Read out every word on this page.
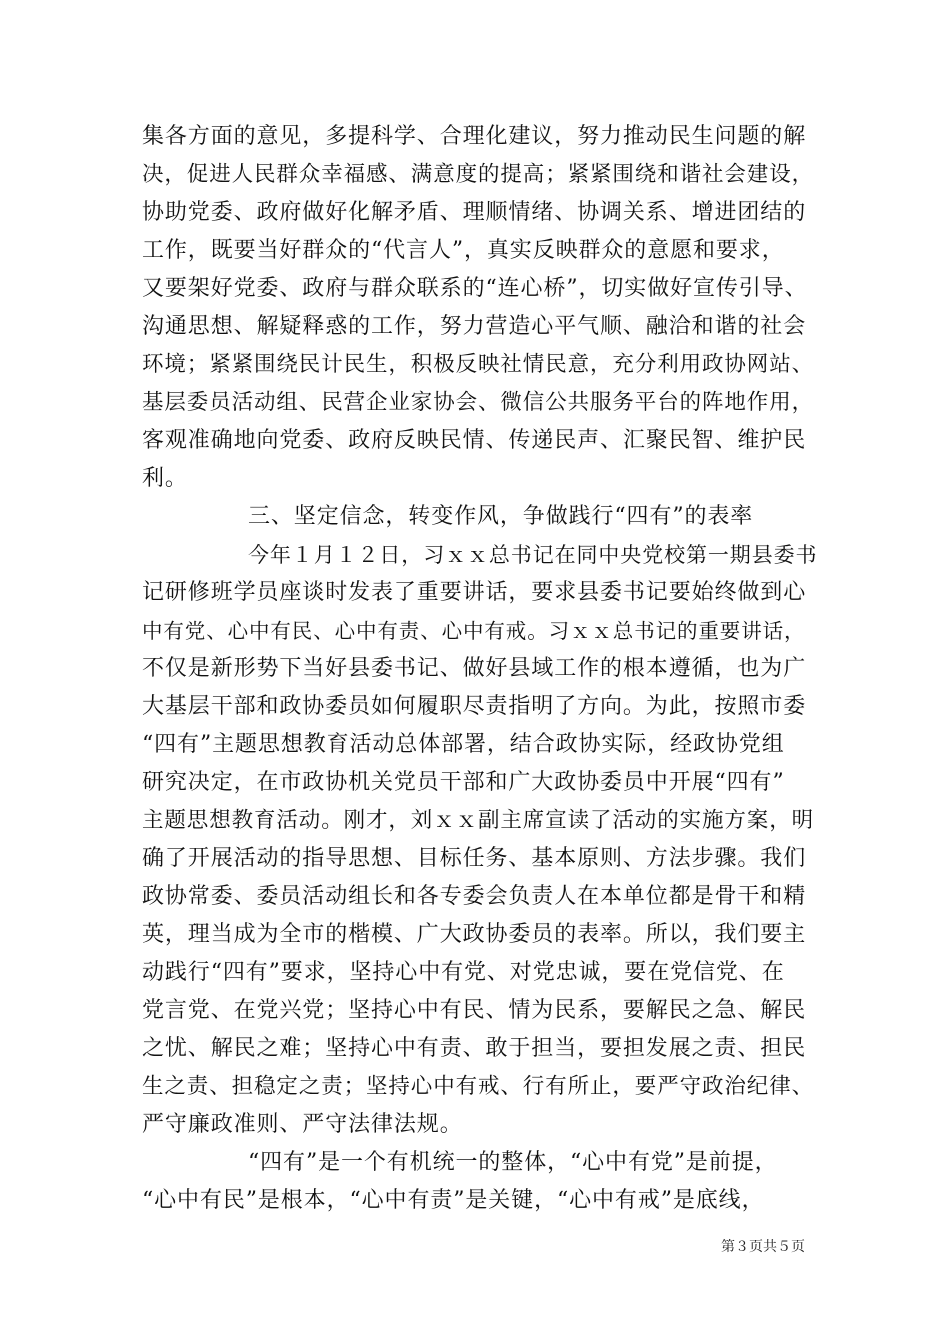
集各方面的意见，多提科学、合理化建议，努力推动民生问题的解
决，促进人民群众幸福感、满意度的提高；紧紧围绕和谐社会建设，
协助党委、政府做好化解矛盾、理顺情绪、协调关系、增进团结的
工作，既要当好群众的“代言人”，真实反映群众的意愿和要求，
又要架好党委、政府与群众联系的“连心桥”，切实做好宣传引导、
沟通思想、解疑释惑的工作，努力营造心平气顺、融洽和谐的社会
环境；紧紧围绕民计民生，积极反映社情民意，充分利用政协网站、
基层委员活动组、民营企业家协会、微信公共服务平台的阵地作用，
客观准确地向党委、政府反映民情、传递民声、汇聚民智、维护民
利。
三、坚定信念，转变作风，争做践行“四有”的表率
今年１月１２日，习ｘｘ总书记在同中央党校第一期县委书
记研修班学员座谈时发表了重要讲话，要求县委书记要始终做到心
中有党、心中有民、心中有责、心中有戒。习ｘｘ总书记的重要讲话，
不仅是新形势下当好县委书记、做好县域工作的根本遵循，也为广
大基层干部和政协委员如何履职尽责指明了方向。为此，按照市委
“四有”主题思想教育活动总体部署，结合政协实际，经政协党组
研究决定，在市政协机关党员干部和广大政协委员中开展“四有”
主题思想教育活动。刚才，刘ｘｘ副主席宣读了活动的实施方案，明
确了开展活动的指导思想、目标任务、基本原则、方法步骤。我们
政协常委、委员活动组长和各专委会负责人在本单位都是骨干和精
英，理当成为全市的楷模、广大政协委员的表率。所以，我们要主
动践行“四有”要求，坚持心中有党、对党忠诚，要在党信党、在
党言党、在党兴党；坚持心中有民、情为民系，要解民之急、解民
之忧、解民之难；坚持心中有责、敢于担当，要担发展之责、担民
生之责、担稳定之责；坚持心中有戒、行有所止，要严守政治纪律、
严守廉政准则、严守法律法规。
“四有”是一个有机统一的整体，“心中有党”是前提，
“心中有民”是根本，“心中有责”是关键，“心中有戒”是底线，
第３页共５页
